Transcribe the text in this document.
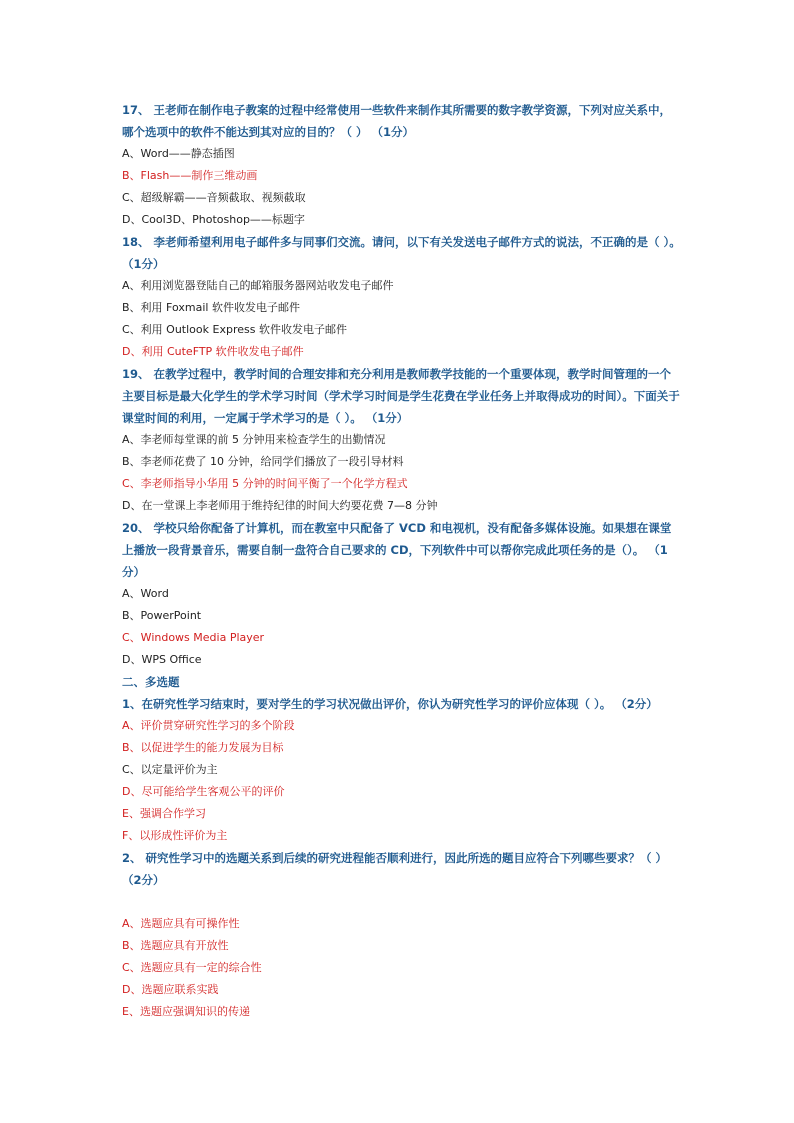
17、 王老师在制作电子教案的过程中经常使用一些软件来制作其所需要的数字教学资源，下列对应关系中，哪个选项中的软件不能达到其对应的目的？（ ） （1分）

A、Word——静态插图

B、Flash——制作三维动画

C、超级解霸——音频截取、视频截取

D、Cool3D、Photoshop——标题字

18、 李老师希望利用电子邮件多与同事们交流。请问，以下有关发送电子邮件方式的说法，不正确的是（ ）。 （1分）

A、利用浏览器登陆自己的邮箱服务器网站收发电子邮件

B、利用 Foxmail 软件收发电子邮件

C、利用 Outlook Express 软件收发电子邮件

D、利用 CuteFTP 软件收发电子邮件

19、 在教学过程中，教学时间的合理安排和充分利用是教师教学技能的一个重要体现，教学时间管理的一个主要目标是最大化学生的学术学习时间（学术学习时间是学生花费在学业任务上并取得成功的时间）。下面关于课堂时间的利用，一定属于学术学习的是（ ）。 （1分）

A、李老师每堂课的前 5 分钟用来检查学生的出勤情况

B、李老师花费了 10 分钟，给同学们播放了一段引导材料

C、李老师指导小华用 5 分钟的时间平衡了一个化学方程式

D、在一堂课上李老师用于维持纪律的时间大约要花费 7—8 分钟

20、 学校只给你配备了计算机，而在教室中只配备了 VCD 和电视机，没有配备多媒体设施。如果想在课堂上播放一段背景音乐，需要自制一盘符合自己要求的 CD，下列软件中可以帮你完成此项任务的是（）。 （1分）

A、Word

B、PowerPoint

C、Windows Media Player

D、WPS Office

二、多选题

1、在研究性学习结束时，要对学生的学习状况做出评价，你认为研究性学习的评价应体现（ ）。 （2分）

A、评价贯穿研究性学习的多个阶段

B、以促进学生的能力发展为目标

C、以定量评价为主

D、尽可能给学生客观公平的评价

E、强调合作学习

F、以形成性评价为主

2、 研究性学习中的选题关系到后续的研究进程能否顺利进行，因此所选的题目应符合下列哪些要求？（ ） （2分）

A、选题应具有可操作性

B、选题应具有开放性

C、选题应具有一定的综合性

D、选题应联系实践

E、选题应强调知识的传递
